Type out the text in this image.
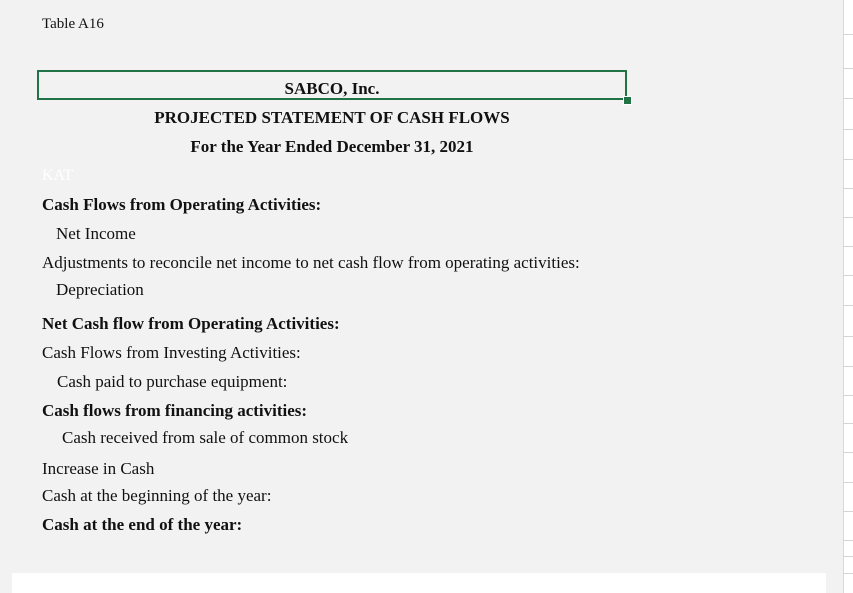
Table A16
SABCO, Inc.
PROJECTED STATEMENT OF CASH FLOWS
For the Year Ended December 31, 2021
KAT
Cash Flows from Operating Activities:
Net Income
Adjustments to reconcile net income to net cash flow from operating activities:
Depreciation
Net Cash flow from Operating Activities:
Cash Flows from Investing Activities:
Cash paid to purchase equipment:
Cash flows from financing activities:
Cash received from sale of common stock
Increase in Cash
Cash at the beginning of the year:
Cash at the end of the year:
